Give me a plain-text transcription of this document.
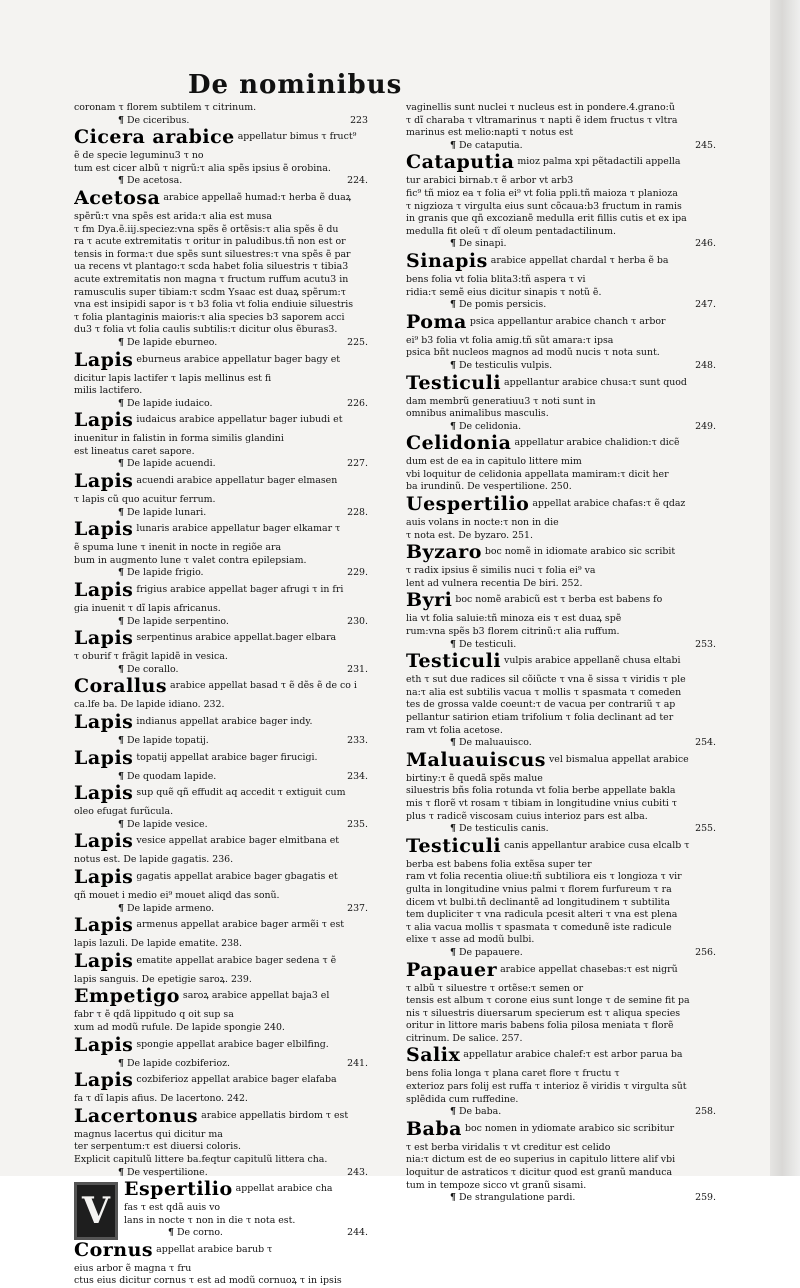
De nominibus
coronam τ florem subtilem τ citrinum.
¶ De ciceribus.	223
Cicera arabice appellatur bimus τ fruct⁹
ẽ de specie leguminu3 τ no
tum est cicer albũ τ nigrũ:τ alia spẽs ipsius ẽ orobina.
¶ De acetosa.	224.
Acetosa arabice appellaẽ humad:τ herba ẽ duaꝝ
spẽrũ:τ vna spẽs est arida:τ alia est musa
τ fm Dya.ẽ.iij.speciez:vna spẽs ẽ ortẽsis:τ alia spẽs ẽ du
ra τ acute extremitatis τ oritur in paludibus.tñ non est or
tensis in forma:τ due spẽs sunt siluestres:τ vna spẽs ẽ par
ua recens vt plantago:τ scda habet folia siluestris τ tibia3
acute extremitatis non magna τ fructum ruffum acutu3 in
ramusculis super tibiam:τ scdm Ysaac est duaꝝ spẽrum:τ
vna est insipidi sapor is τ b3 folia vt folia endiuie siluestris
τ folia plantaginis maioris:τ alia species b3 saporem acci
du3 τ folia vt folia caulis subtilis:τ dicitur olus ẽburas3.
¶ De lapide eburneo.	225.
Lapis eburneus arabice appellatur bager bagy et
dicitur lapis lactifer τ lapis mellinus est fi
milis lactifero.
¶ De lapide iudaico.	226.
Lapis iudaicus arabice appellatur bager iubudi et
inuenitur in falistin in forma similis glandini
est lineatus caret sapore.
¶ De lapide acuendi.	227.
Lapis acuendi arabice appellatur bager elmasen
τ lapis cũ quo acuitur ferrum.
¶ De lapide lunari.	228.
Lapis lunaris arabice appellatur bager elkamar τ
ẽ spuma lune τ inenit in nocte in regiõe ara
bum in augmento lune τ valet contra epilepsiam.
¶ De lapide frigio.	229.
Lapis frigius arabice appellat bager afrugi τ in fri
gia inuenit τ dĩ lapis africanus.
¶ De lapide serpentino.	230.
Lapis serpentinus arabice appellat.bager elbara
τ oburif τ frãgit lapidẽ in vesica.
¶ De corallo.	231.
Corallus arabice appellat basad τ ẽ dẽs ẽ de co i
ca.lfe ba. De lapide idiano. 232.
Lapis indianus appellat arabice bager indy.
¶ De lapide topatij.	233.
Lapis topatij appellat arabice bager firucigi.
¶ De quodam lapide.	234.
Lapis sup quẽ qñ effudit aq accedit τ extiguit cum
oleo efugat furũcula.
¶ De lapide vesice.	235.
Lapis vesice appellat arabice bager elmitbana et
notus est. De lapide gagatis. 236.
Lapis gagatis appellat arabice bager gbagatis et
qñ mouet i medio ei⁹ mouet aliqd das sonũ.
¶ De lapide armeno.	237.
Lapis armenus appellat arabice bager armẽi τ est
lapis lazuli. De lapide ematite. 238.
Lapis ematite appellat arabice bager sedena τ ẽ
lapis sanguis. De epetigie saroꝝ. 239.
Empetigo saroꝝ arabice appellat baja3 el
fabr τ ẽ qdã lippitudo q oit sup sa
xum ad modũ rufule. De lapide spongie 240.
Lapis spongie appellat arabice bager elbilfing.
¶ De lapide cozbiferioz.	241.
Lapis cozbiferioz appellat arabice bager elafaba
fa τ dĩ lapis afius. De lacertono. 242.
Lacertonus arabice appellatis birdom τ est
magnus lacertus qui dicitur ma
ter serpentum:τ est diuersi coloris.
Explicit capitulũ littere ba.feqtur capitulũ littera cha.
¶ De vespertilione.	243.
V
Espertilio appellat arabice cha
fas τ est qdã auis vo
lans in nocte τ non in die τ nota est.
¶ De corno.	244.
Cornus appellat arabice barub τ
eius arbor ẽ magna τ fru
ctus eius dicitur cornus τ est ad modũ cornuoꝝ τ in ipsis
vaginellis sunt nuclei τ nucleus est in pondere.4.grano:ũ
τ dĩ charaba τ vltramarinus τ napti ẽ idem fructus τ vltra
marinus est melio:napti τ notus est
¶ De cataputia.	245.
Cataputia mioz palma xpi pẽtadactili appella
tur arabici birnab.τ ẽ arbor vt arb3
fic⁹ tñ mioz ea τ folia ei⁹ vt folia ppli.tñ maioza τ planioza
τ nigzioza τ virgulta eius sunt cõcaua:b3 fructum in ramis
in granis que qñ excozianẽ medulla erit fillis cutis et ex ipa
medulla fit oleũ τ dĩ oleum pentadactilinum.
¶ De sinapi.	246.
Sinapis arabice appellat chardal τ herba ẽ ba
bens folia vt folia blita3:tñ aspera τ vi
ridia:τ semẽ eius dicitur sinapis τ notũ ẽ.
¶ De pomis persicis.	247.
Poma psica appellantur arabice chanch τ arbor
ei⁹ b3 folia vt folia amig.tñ sũt amara:τ ipsa
psica bñt nucleos magnos ad modũ nucis τ nota sunt.
¶ De testiculis vulpis.	248.
Testiculi appellantur arabice chusa:τ sunt quod
dam membrũ generatiuu3 τ noti sunt in
omnibus animalibus masculis.
¶ De celidonia.	249.
Celidonia appellatur arabice chalidion:τ dicẽ
dum est de ea in capitulo littere mim
vbi loquitur de celidonia appellata mamiram:τ dicit her
ba irundinũ. De vespertilione. 250.
Uespertilio appellat arabice chafas:τ ẽ qdaz
auis volans in nocte:τ non in die
τ nota est. De byzaro. 251.
Byzaro boc nomẽ in idiomate arabico sic scribit
τ radix ipsius ẽ similis nuci τ folia ei⁹ va
lent ad vulnera recentia De biri. 252.
Byri boc nomẽ arabicũ est τ berba est babens fo
lia vt folia saluie:tñ minoza eis τ est duaꝝ spẽ
rum:vna spẽs b3 florem citrinũ:τ alia ruffum.
¶ De testiculi.	253.
Testiculi vulpis arabice appellanẽ chusa eltabi
eth τ sut due radices sil cõiũcte τ vna ẽ sissa τ viridis τ ple
na:τ alia est subtilis vacua τ mollis τ spasmata τ comeden
tes de grossa valde coeunt:τ de vacua per contrariũ τ ap
pellantur satirion etiam trifolium τ folia declinant ad ter
ram vt folia acetose.
¶ De maluauisco.	254.
Maluauiscus vel bismalua appellat arabice
birtiny:τ ẽ quedã spẽs malue
siluestris bñs folia rotunda vt folia berbe appellate bakla
mis τ florẽ vt rosam τ tibiam in longitudine vnius cubiti τ
plus τ radicẽ viscosam cuius interioz pars est alba.
¶ De testiculis canis.	255.
Testiculi canis appellantur arabice cusa elcalb τ
berba est babens folia extẽsa super ter
ram vt folia recentia oliue:tñ subtiliora eis τ longioza τ vir
gulta in longitudine vnius palmi τ florem furfureum τ ra
dicem vt bulbi.tñ declinantẽ ad longitudinem τ subtilita
tem dupliciter τ vna radicula pcesit alteri τ vna est plena
τ alia vacua mollis τ spasmata τ comedunẽ iste radicule
elixe τ asse ad modũ bulbi.
¶ De papauere.	256.
Papauer arabice appellat chasebas:τ est nigrũ
τ albũ τ siluestre τ ortẽse:τ semen or
tensis est album τ corone eius sunt longe τ de semine fit pa
nis τ siluestris diuersarum specierum est τ aliqua species
oritur in littore maris babens folia pilosa meniata τ florẽ
citrinum. De salice. 257.
Salix appellatur arabice chalef:τ est arbor parua ba
bens folia longa τ plana caret flore τ fructu τ
exterioz pars folij est ruffa τ interioz ẽ viridis τ virgulta sũt
splẽdida cum ruffedine.
¶ De baba.	258.
Baba boc nomen in ydiomate arabico sic scribitur
τ est berba viridalis τ vt creditur est celido
nia:τ dictum est de eo superius in capitulo littere alif vbi
loquitur de astraticos τ dicitur quod est granũ manduca
tum in tempoze sicco vt granũ sisami.
¶ De strangulatione pardi.	259.
